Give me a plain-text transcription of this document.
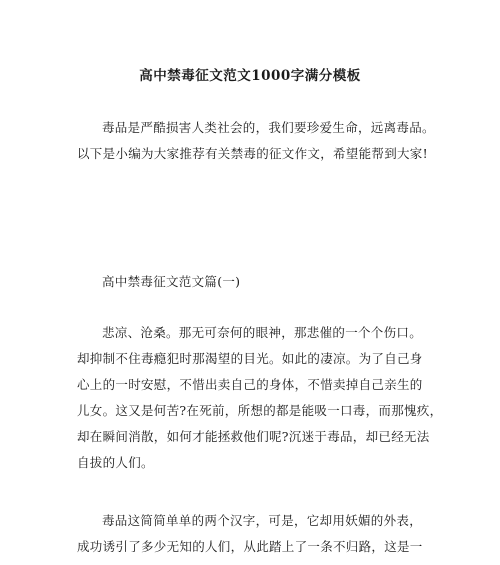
高中禁毒征文范文1000字满分模板

毒品是严酷损害人类社会的，我们要珍爱生命，远离毒品。
以下是小编为大家推荐有关禁毒的征文作文，希望能帮到大家!

高中禁毒征文范文篇(一)

悲凉、沧桑。那无可奈何的眼神，那悲催的一个个伤口。
却抑制不住毒瘾犯时那渴望的目光。如此的凄凉。为了自己身
心上的一时安慰，不惜出卖自己的身体，不惜卖掉自己亲生的
儿女。这又是何苦?在死前，所想的都是能吸一口毒，而那愧疚，
却在瞬间消散，如何才能拯救他们呢?沉迷于毒品，却已经无法
自拔的人们。

毒品这简简单单的两个汉字，可是，它却用妖媚的外表，
成功诱引了多少无知的人们，从此踏上了一条不归路，这是一
